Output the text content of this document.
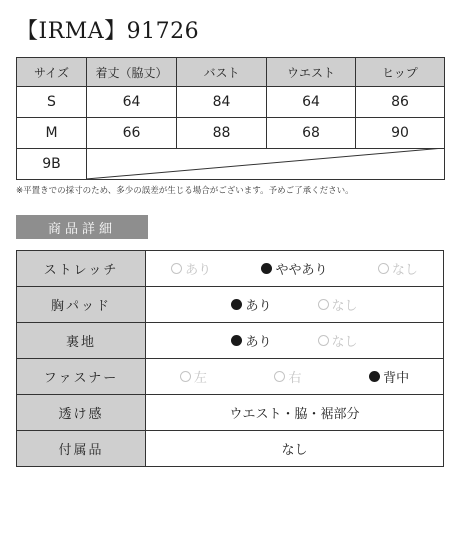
【IRMA】91726
サイズ	着丈（脇丈）	バスト	ウエスト	ヒップ
S	64	84	64	86
M	66	88	68	90
9B				
※平置きでの採寸のため、多少の誤差が生じる場合がございます。予めご了承ください。
商品詳細
ストレッチ	あり ややあり なし

胸パッド	あり なし

裏地	あり なし

ファスナー	左 右 背中

透け感	ウエスト・脇・裾部分
付属品	なし
